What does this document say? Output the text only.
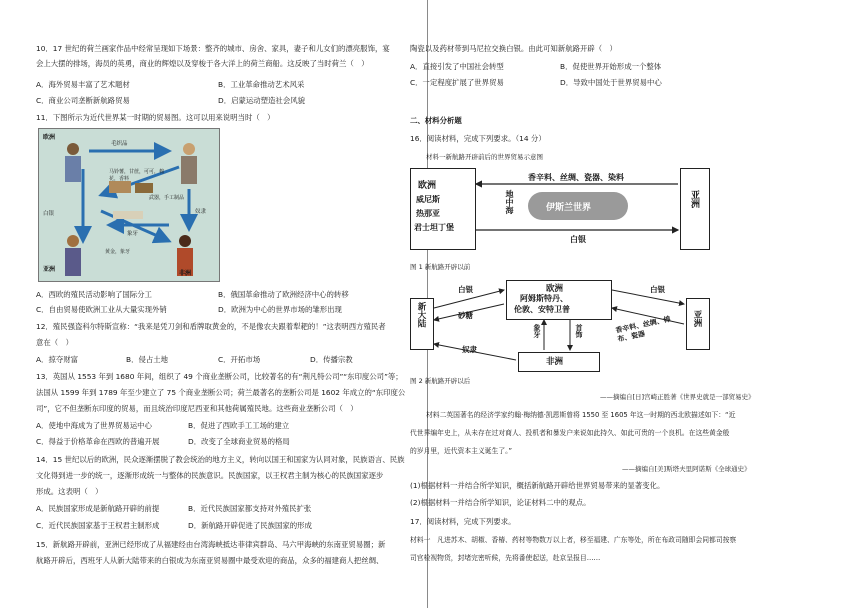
10．17 世纪的荷兰画家作品中经常呈现如下场景：整齐的城市、房舍、家具，妻子和儿女们的漂亮服饰，宴
会上大摆的排场，海员的英勇，商业的辉煌以及穿梭于各大洋上的荷兰商船。这反映了当时荷兰（　）
A．海外贸易丰富了艺术题材	B．工业革命推动艺术风采
C．商业公司垄断新航路贸易	D．启蒙运动塑造社会风貌
11．下图所示为近代世界某一时期的贸易图。这可以用来说明当时（　）
欧洲
毛织品
马铃薯，甘蔗，可可，棉花，香料
白银	奴隶
武器，手工制品
象牙
黄金，象牙
亚洲
非洲
A．西欧的殖民活动影响了国际分工	B．俄国革命推动了欧洲经济中心的转移
C．自由贸易使欧洲工业从大量实现外销	D．欧洲为中心的世界市场的雏形出现
12．殖民强盗科尔特斯宣称：“我来是凭刀剑和盾牌取黄金的，不是像农夫跟着犁耙的！”这表明西方殖民者
意在（　）
A．掠夺财富	B．侵占土地	C．开拓市场	D．传播宗教
13．英国从 1553 年到 1680 年间，组织了 49 个商业垄断公司，比较著名的有“荆凡特公司”“东印度公司”等；
法国从 1599 年到 1789 年至少建立了 75 个商业垄断公司；荷兰最著名的垄断公司是 1602 年成立的“东印度公
司”，它不但垄断东印度的贸易，而且统治印度尼西亚和其他荷属殖民地。这些商业垄断公司（　）
A．使地中海成为了世界贸易运中心	B．促进了西欧手工工场的建立
C．得益于价格革命在西欧的普遍开展	D．改变了全球商业贸易的格局
14．15 世纪以后的欧洲，民众逐渐摆脱了教会统治的地方主义，转向以国王和国家为认同对象，民族语言、民族
文化得到进一步的统一，逐渐形成统一与整体的民族意识。民族国家，以王权君主制为核心的民族国家逐步
形成。这表明（　）
A．民族国家形成是新航路开辟的前提	B．近代民族国家都支持对外殖民扩张
C．近代民族国家基于王权君主制形成	D．新航路开辟促进了民族国家的形成
15．新航路开辟前，亚洲已经形成了从福建经由台湾海峡抵达菲律宾群岛、马六甲海峡的东南亚贸易圈；新
航路开辟后，西班牙人从新大陆带来的白银成为东南亚贸易圈中最受欢迎的商品，众多的福建商人把丝绸、
陶瓷以及药材带到马尼拉交换白银。由此可知新航路开辟（　）
A．直接引发了中国社会转型	B．促使世界开始形成一个整体
C．一定程度扩展了世界贸易	D．导致中国处于世界贸易中心
二、材料分析题
16．阅读材料，完成下列要求。（14 分）
材料一新航路开辟前后的世界贸易示意图
欧洲
威尼斯
热那亚
君士坦丁堡
亚洲
地中海	伊斯兰世界
香辛料、丝绸、瓷器、染料
白银
图 1 新航路开辟以前
欧洲
阿姆斯特丹、
伦敦、安特卫普
新大陆	亚洲
非洲
白银
砂糖
奴隶
象牙	首饰
白银
香辛料、丝绸、棉布、瓷器
图 2 新航路开辟以后
——摘编自[日]宫崎正胜著《世界史就是一部贸易史》
材料二英国著名的经济学家约翰·梅纳德·凯恩斯曾将 1550 至 1605 年这一时期的西北欧描述如下：“近
代世界编年史上，从未存在过对商人、投机者和暴发户来说如此持久、如此可贵的一个良机。在这些黄金般
的岁月里，近代资本主义诞生了。”
——摘编自[美]斯塔夫里阿诺斯《全球通史》
(1)根据材料一并结合所学知识，概括新航路开辟给世界贸易带来的显著变化。
(2)根据材料一并结合所学知识，论证材料二中的观点。
17．阅读材料，完成下列要求。
材料一　凡进苏木、胡椒、香椿、药材等物数万以上者，移至福建、广东等处，所在布政司随即会同都司按察
司官检视物货，封堵完密听候，先将番使起送，赴京呈报目……
